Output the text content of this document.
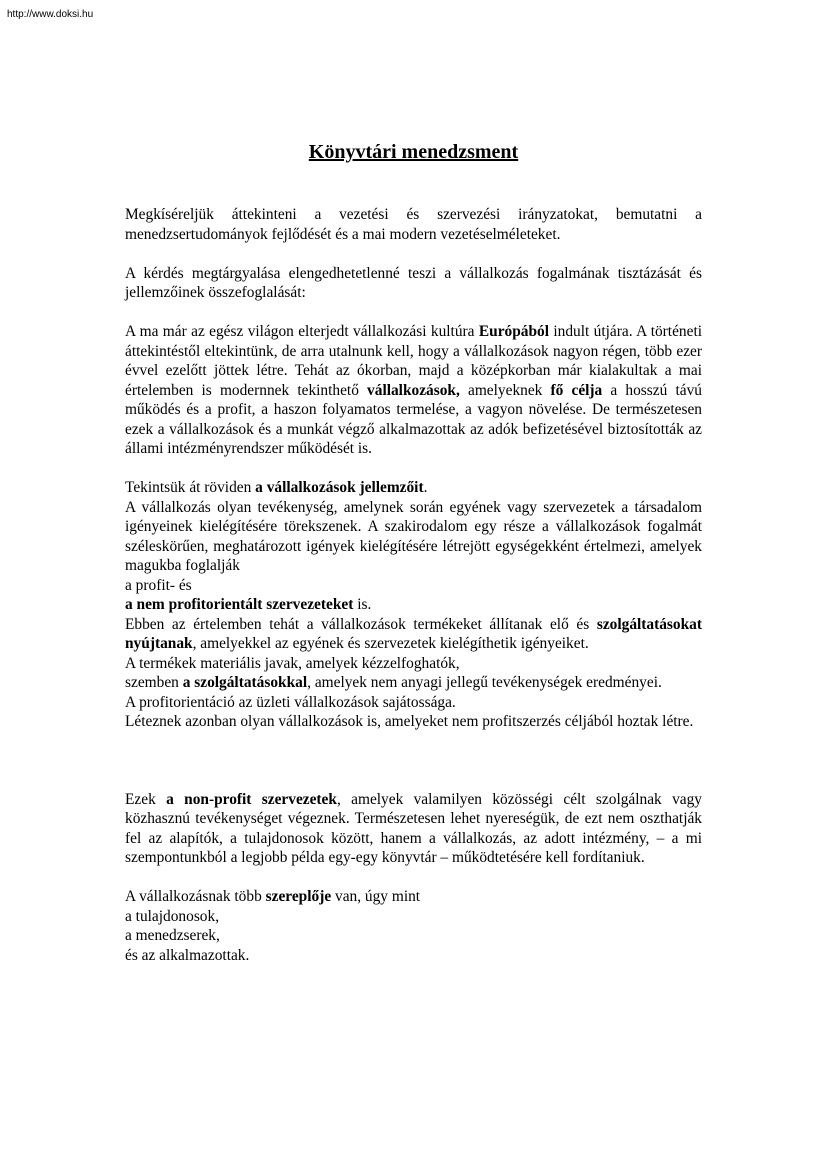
http://www.doksi.hu
Könyvtári menedzsment

Megkíséreljük áttekinteni a vezetési és szervezési irányzatokat, bemutatni a menedzsertudományok fejlődését és a mai modern vezetéselméleteket.

A kérdés megtárgyalása elengedhetetlenné teszi a vállalkozás fogalmának tisztázását és jellemzőinek összefoglalását:

A ma már az egész világon elterjedt vállalkozási kultúra Európából indult útjára. A történeti áttekintéstől eltekintünk, de arra utalnunk kell, hogy a vállalkozások nagyon régen, több ezer évvel ezelőtt jöttek létre. Tehát az ókorban, majd a középkorban már kialakultak a mai értelemben is modernnek tekinthető vállalkozások, amelyeknek fő célja a hosszú távú működés és a profit, a haszon folyamatos termelése, a vagyon növelése. De természetesen ezek a vállalkozások és a munkát végző alkalmazottak az adók befizetésével biztosították az állami intézményrendszer működését is.

Tekintsük át röviden a vállalkozások jellemzőit.

A vállalkozás olyan tevékenység, amelynek során egyének vagy szervezetek a társadalom igényeinek kielégítésére törekszenek. A szakirodalom egy része a vállalkozások fogalmát széleskörűen, meghatározott igények kielégítésére létrejött egységekként értelmezi, amelyek magukba foglalják

a profit- és

a nem profitorientált szervezeteket is.

Ebben az értelemben tehát a vállalkozások termékeket állítanak elő és szolgáltatásokat nyújtanak, amelyekkel az egyének és szervezetek kielégíthetik igényeiket.

A termékek materiális javak, amelyek kézzelfoghatók,

szemben a szolgáltatásokkal, amelyek nem anyagi jellegű tevékenységek eredményei.

A profitorientáció az üzleti vállalkozások sajátossága.

Léteznek azonban olyan vállalkozások is, amelyeket nem profitszerzés céljából hoztak létre.

Ezek a non-profit szervezetek, amelyek valamilyen közösségi célt szolgálnak vagy közhasznú tevékenységet végeznek. Természetesen lehet nyereségük, de ezt nem oszthatják fel az alapítók, a tulajdonosok között, hanem a vállalkozás, az adott intézmény, – a mi szempontunkból a legjobb példa egy-egy könyvtár – működtetésére kell fordítaniuk.

A vállalkozásnak több szereplője van, úgy mint

a tulajdonosok,

a menedzserek,

és az alkalmazottak.
